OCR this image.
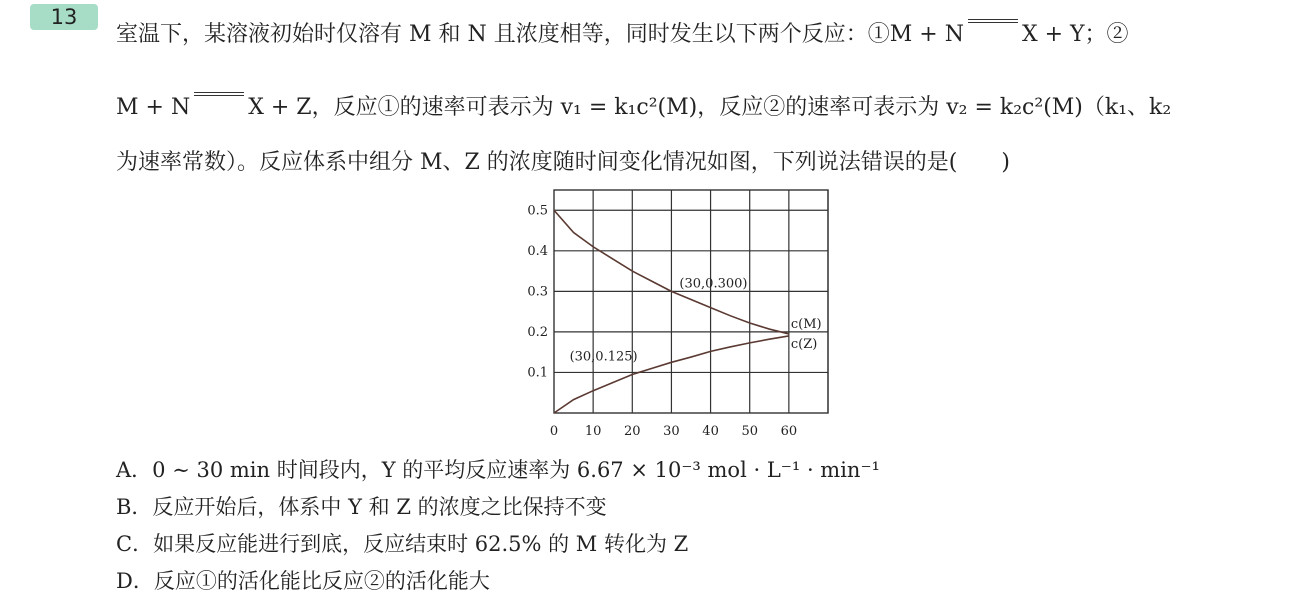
13
室温下，某溶液初始时仅溶有 M 和 N 且浓度相等，同时发生以下两个反应：①M + N	X + Y；②
M + N	X + Z，反应①的速率可表示为 v₁ = k₁c²(M)，反应②的速率可表示为 v₂ = k₂c²(M)（k₁、k₂
为速率常数）。反应体系中组分 M、Z 的浓度随时间变化情况如图，下列说法错误的是(　　)
0 10 20 30 40 50 60
0.1
0.2
0.3
0.4
0.5
c(M)
c(Z)
(30,0.300)
(30,0.125)
A．0 ∼ 30 min 时间段内，Y 的平均反应速率为 6.67 × 10⁻³ mol · L⁻¹ · min⁻¹
B．反应开始后，体系中 Y 和 Z 的浓度之比保持不变
C．如果反应能进行到底，反应结束时 62.5% 的 M 转化为 Z
D．反应①的活化能比反应②的活化能大
